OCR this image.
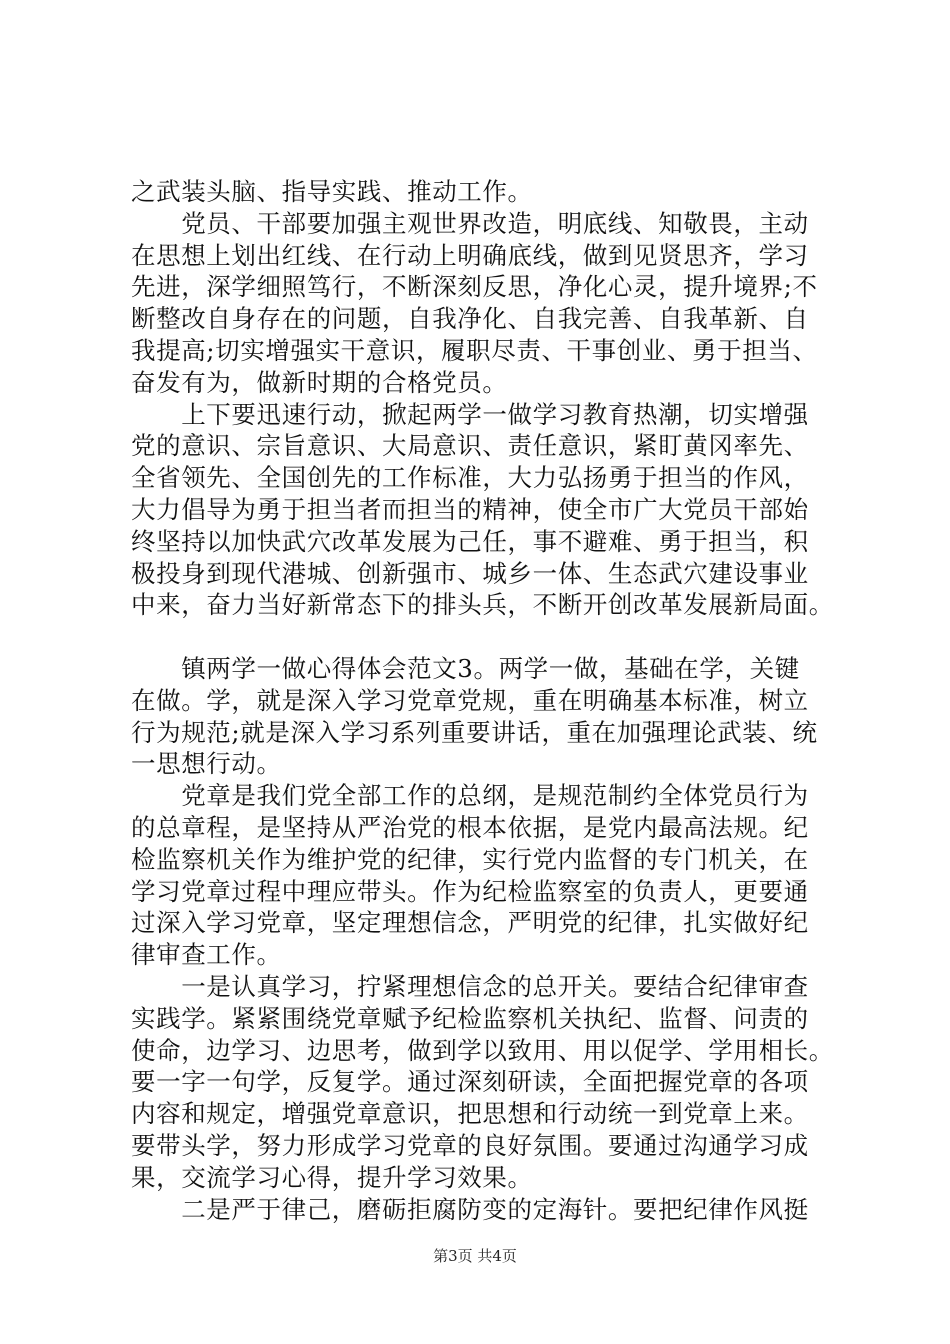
之武装头脑、指导实践、推动工作。
　　党员、干部要加强主观世界改造，明底线、知敬畏，主动
在思想上划出红线、在行动上明确底线，做到见贤思齐，学习
先进，深学细照笃行，不断深刻反思，净化心灵，提升境界;不
断整改自身存在的问题，自我净化、自我完善、自我革新、自
我提高;切实增强实干意识，履职尽责、干事创业、勇于担当、
奋发有为，做新时期的合格党员。
　　上下要迅速行动，掀起两学一做学习教育热潮，切实增强
党的意识、宗旨意识、大局意识、责任意识，紧盯黄冈率先、
全省领先、全国创先的工作标准，大力弘扬勇于担当的作风，
大力倡导为勇于担当者而担当的精神，使全市广大党员干部始
终坚持以加快武穴改革发展为己任，事不避难、勇于担当，积
极投身到现代港城、创新强市、城乡一体、生态武穴建设事业
中来，奋力当好新常态下的排头兵，不断开创改革发展新局面。
　　镇两学一做心得体会范文3。两学一做，基础在学，关键
在做。学，就是深入学习党章党规，重在明确基本标准，树立
行为规范;就是深入学习系列重要讲话，重在加强理论武装、统
一思想行动。
　　党章是我们党全部工作的总纲，是规范制约全体党员行为
的总章程，是坚持从严治党的根本依据，是党内最高法规。纪
检监察机关作为维护党的纪律，实行党内监督的专门机关，在
学习党章过程中理应带头。作为纪检监察室的负责人，更要通
过深入学习党章，坚定理想信念，严明党的纪律，扎实做好纪
律审查工作。
　　一是认真学习，拧紧理想信念的总开关。要结合纪律审查
实践学。紧紧围绕党章赋予纪检监察机关执纪、监督、问责的
使命，边学习、边思考，做到学以致用、用以促学、学用相长。
要一字一句学，反复学。通过深刻研读，全面把握党章的各项
内容和规定，增强党章意识，把思想和行动统一到党章上来。
要带头学，努力形成学习党章的良好氛围。要通过沟通学习成
果，交流学习心得，提升学习效果。
　　二是严于律己，磨砺拒腐防变的定海针。要把纪律作风挺
第3页 共4页
